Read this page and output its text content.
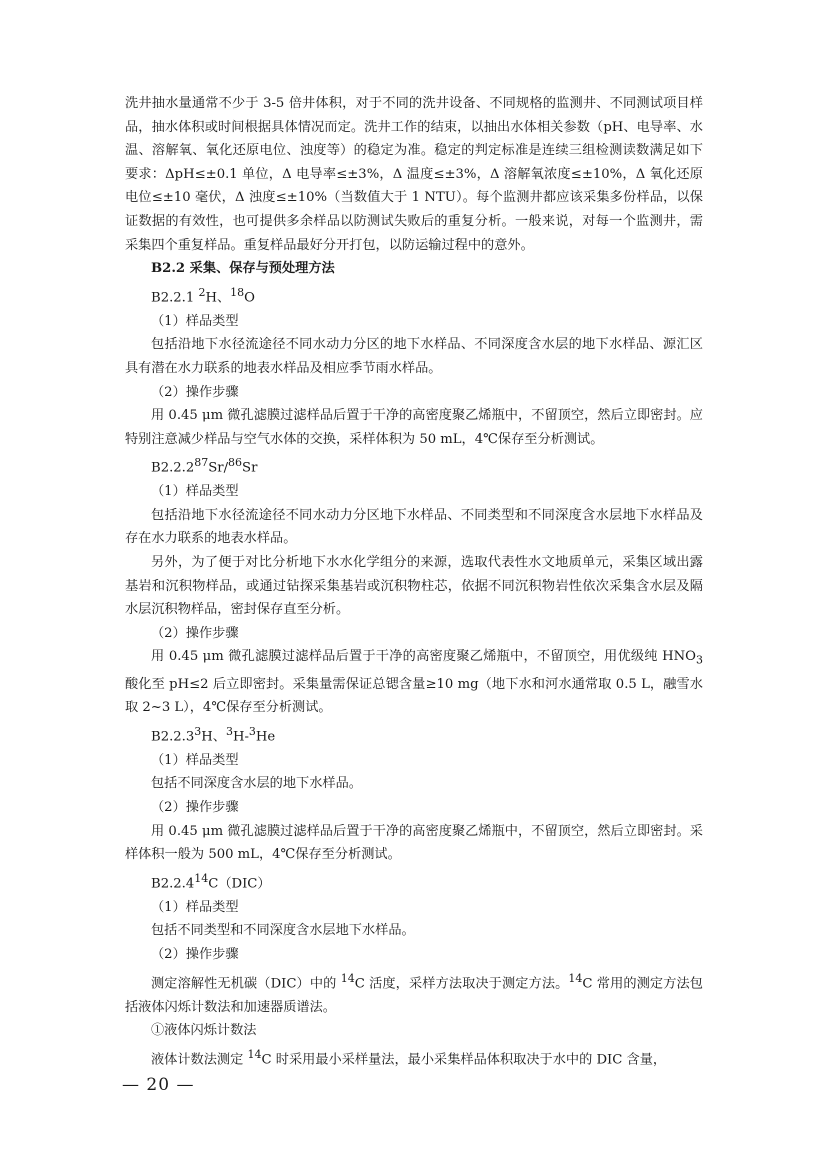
洗井抽水量通常不少于 3-5 倍井体积，对于不同的洗井设备、不同规格的监测井、不同测试项目样品，抽水体积或时间根据具体情况而定。洗井工作的结束，以抽出水体相关参数（pH、电导率、水温、溶解氧、氧化还原电位、浊度等）的稳定为准。稳定的判定标准是连续三组检测读数满足如下要求：ΔpH≤±0.1 单位，Δ 电导率≤±3%，Δ 温度≤±3%，Δ 溶解氧浓度≤±10%，Δ 氧化还原电位≤±10 毫伏，Δ 浊度≤±10%（当数值大于 1 NTU）。每个监测井都应该采集多份样品，以保证数据的有效性，也可提供多余样品以防测试失败后的重复分析。一般来说，对每一个监测井，需采集四个重复样品。重复样品最好分开打包，以防运输过程中的意外。

B2.2 采集、保存与预处理方法

B2.2.1 $^2$H、$^{18}$O

（1）样品类型

包括沿地下水径流途径不同水动力分区的地下水样品、不同深度含水层的地下水样品、源汇区具有潜在水力联系的地表水样品及相应季节雨水样品。

（2）操作步骤

用 0.45 μm 微孔滤膜过滤样品后置于干净的高密度聚乙烯瓶中，不留顶空，然后立即密封。应特别注意减少样品与空气水体的交换，采样体积为 50 mL，4℃保存至分析测试。

B2.2.2$^{87}$Sr/$^{86}$Sr

（1）样品类型

包括沿地下水径流途径不同水动力分区地下水样品、不同类型和不同深度含水层地下水样品及存在水力联系的地表水样品。

另外，为了便于对比分析地下水水化学组分的来源，选取代表性水文地质单元，采集区域出露基岩和沉积物样品，或通过钻探采集基岩或沉积物柱芯，依据不同沉积物岩性依次采集含水层及隔水层沉积物样品，密封保存直至分析。

（2）操作步骤

用 0.45 μm 微孔滤膜过滤样品后置于干净的高密度聚乙烯瓶中，不留顶空，用优级纯 $HNO_3$ 酸化至 pH≤2 后立即密封。采集量需保证总锶含量≥10 mg（地下水和河水通常取 0.5 L，融雪水取 2~3 L），4℃保存至分析测试。

B2.2.3$^3$H、$^3$H-$^3$He

（1）样品类型

包括不同深度含水层的地下水样品。

（2）操作步骤

用 0.45 μm 微孔滤膜过滤样品后置于干净的高密度聚乙烯瓶中，不留顶空，然后立即密封。采样体积一般为 500 mL，4℃保存至分析测试。

B2.2.4$^{14}$C（DIC）

（1）样品类型

包括不同类型和不同深度含水层地下水样品。

（2）操作步骤

测定溶解性无机碳（DIC）中的 $^{14}$C 活度，采样方法取决于测定方法。$^{14}$C 常用的测定方法包括液体闪烁计数法和加速器质谱法。

①液体闪烁计数法

液体计数法测定 $^{14}$C 时采用最小采样量法，最小采集样品体积取决于水中的 DIC 含量，

— 20 —
